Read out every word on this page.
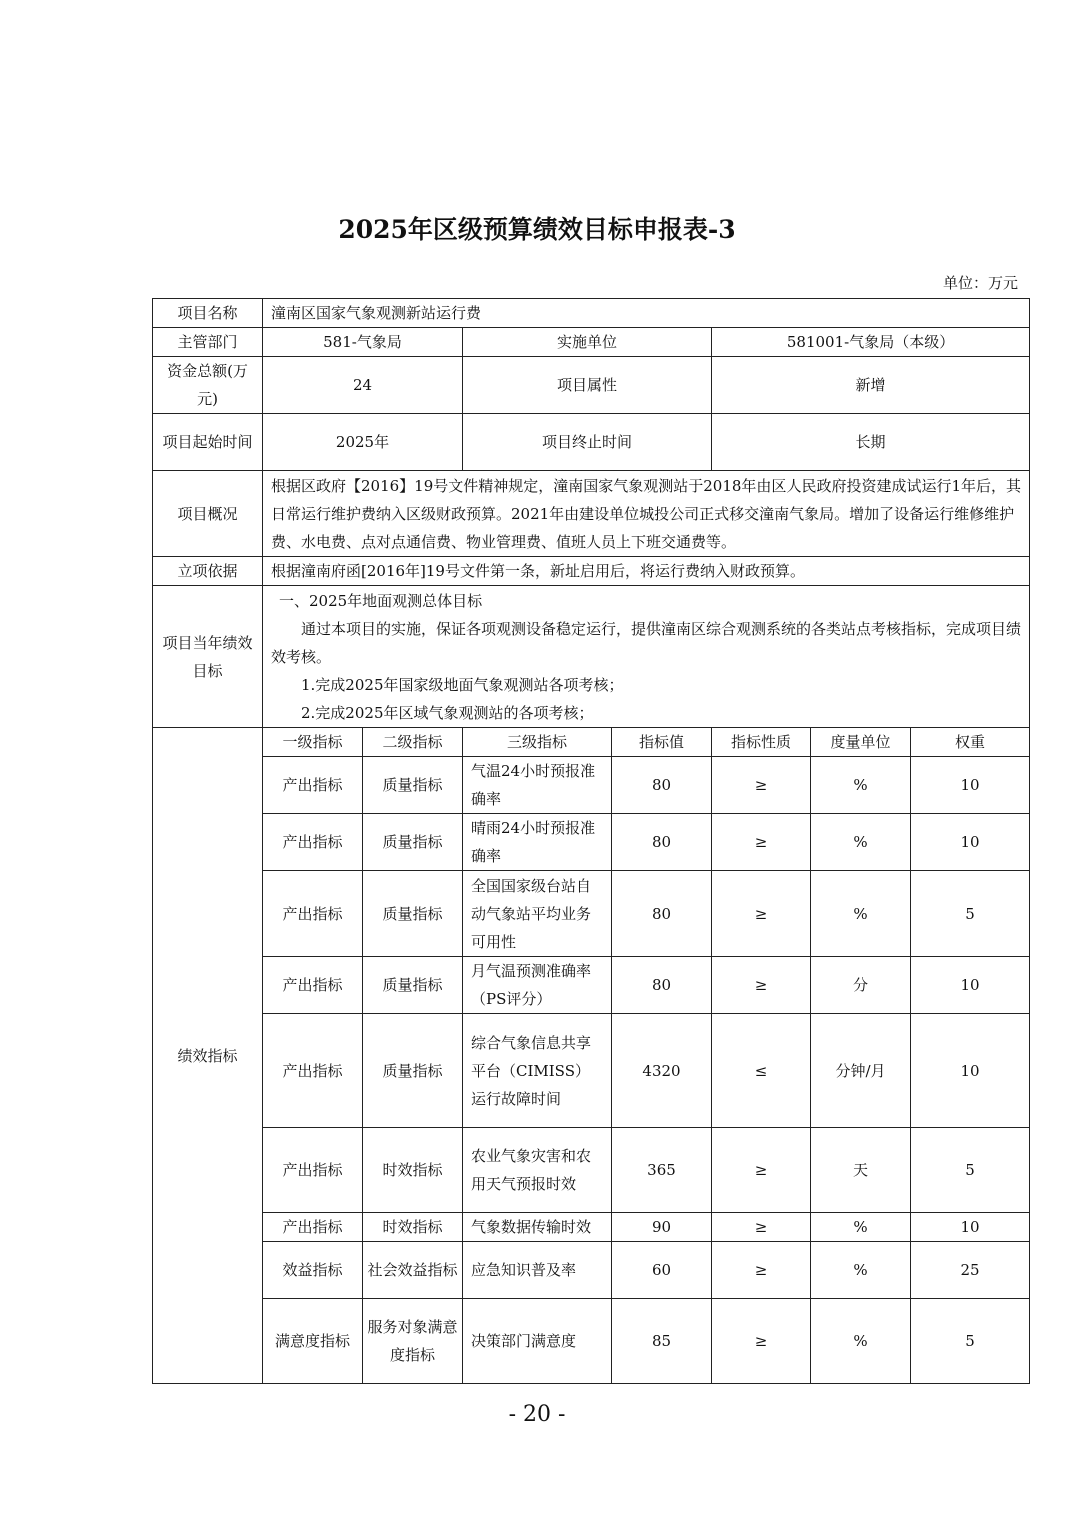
2025年区级预算绩效目标申报表-3
单位：万元
项目名称	潼南区国家气象观测新站运行费						
主管部门	581-气象局		实施单位		581001-气象局（本级）		
资金总额(万元)	24		项目属性		新增		
项目起始时间	2025年		项目终止时间		长期		
项目概况	根据区政府【2016】19号文件精神规定，潼南国家气象观测站于2018年由区人民政府投资建成试运行1年后，其日常运行维护费纳入区级财政预算。2021年由建设单位城投公司正式移交潼南气象局。增加了设备运行维修维护费、水电费、点对点通信费、物业管理费、值班人员上下班交通费等。						
立项依据	根据潼南府函[2016年]19号文件第一条，新址启用后，将运行费纳入财政预算。						
项目当年绩效目标	一、2025年地面观测总体目标

通过本项目的实施，保证各项观测设备稳定运行，提供潼南区综合观测系统的各类站点考核指标，完成项目绩效考核。

1.完成2025年国家级地面气象观测站各项考核；

2.完成2025年区域气象观测站的各项考核；						

绩效指标	一级指标	二级指标	三级指标	指标值	指标性质	度量单位	权重
	产出指标	质量指标	气温24小时预报准确率	80	≥	%	10
	产出指标	质量指标	晴雨24小时预报准确率	80	≥	%	10
	产出指标	质量指标	全国国家级台站自动气象站平均业务可用性	80	≥	%	5
	产出指标	质量指标	月气温预测准确率（PS评分）	80	≥	分	10
	产出指标	质量指标	综合气象信息共享平台（CIMISS）运行故障时间	4320	≤	分钟/月	10
	产出指标	时效指标	农业气象灾害和农用天气预报时效	365	≥	天	5
	产出指标	时效指标	气象数据传输时效	90	≥	%	10
	效益指标	社会效益指标	应急知识普及率	60	≥	%	25
	满意度指标	服务对象满意度指标	决策部门满意度	85	≥	%	5
- 20 -
